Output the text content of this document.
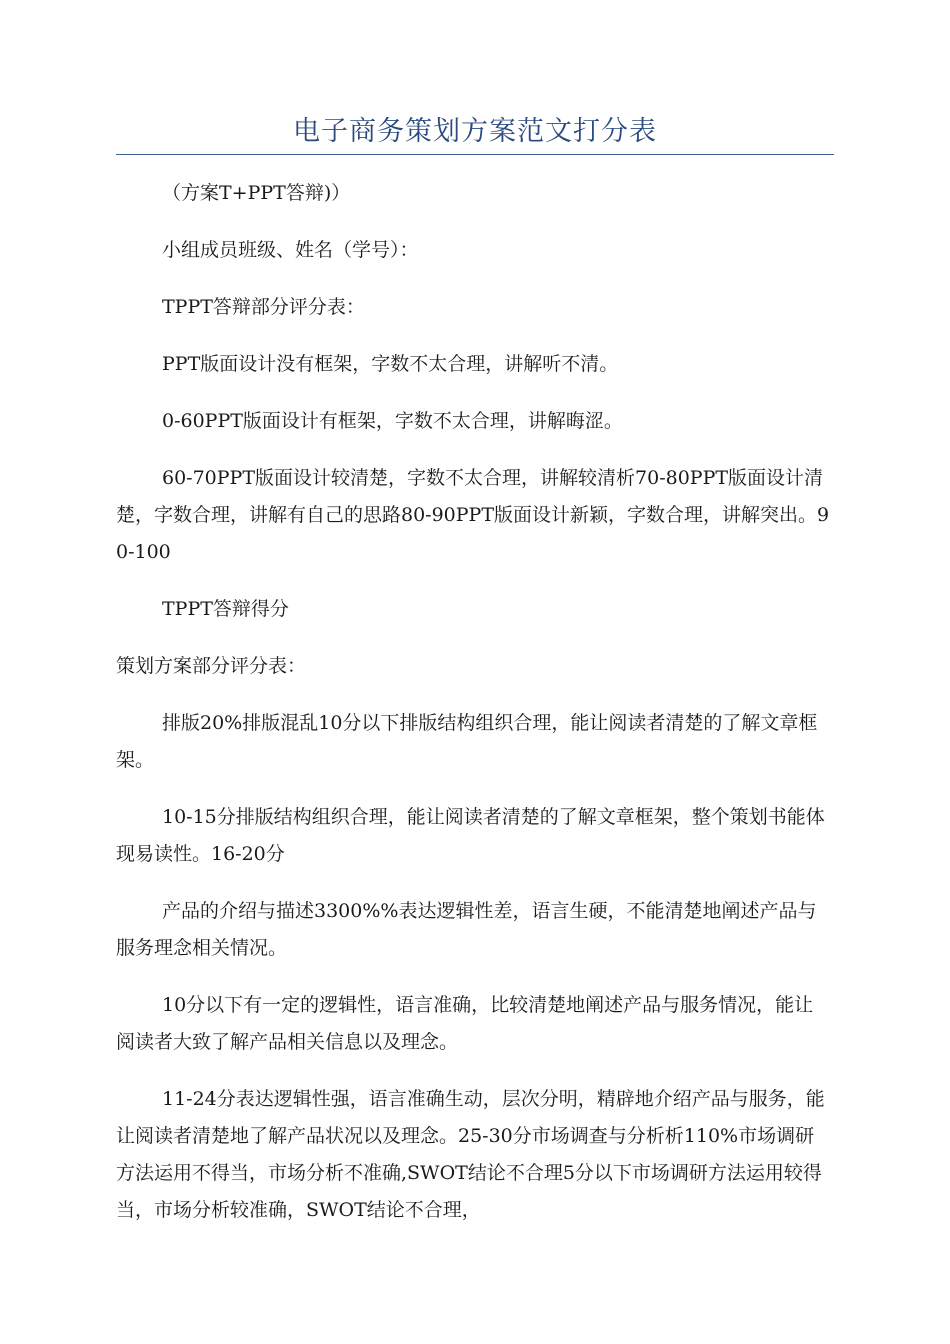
电子商务策划方案范文打分表

（方案T+PPT答辩)）

小组成员班级、姓名（学号）：

TPPT答辩部分评分表：

PPT版面设计没有框架，字数不太合理，讲解听不清。

0-60PPT版面设计有框架，字数不太合理，讲解晦涩。

60-70PPT版面设计较清楚，字数不太合理，讲解较清析70-80PPT版面设计清楚，字数合理，讲解有自己的思路80-90PPT版面设计新颖，字数合理，讲解突出。90-100

TPPT答辩得分

策划方案部分评分表：

排版20%排版混乱10分以下排版结构组织合理，能让阅读者清楚的了解文章框架。

10-15分排版结构组织合理，能让阅读者清楚的了解文章框架，整个策划书能体现易读性。16-20分

产品的介绍与描述3300%%表达逻辑性差，语言生硬，不能清楚地阐述产品与服务理念相关情况。

10分以下有一定的逻辑性，语言准确，比较清楚地阐述产品与服务情况，能让阅读者大致了解产品相关信息以及理念。

11-24分表达逻辑性强，语言准确生动，层次分明，精辟地介绍产品与服务，能让阅读者清楚地了解产品状况以及理念。25-30分市场调查与分析析110%市场调研方法运用不得当，市场分析不准确,SWOT结论不合理5分以下市场调研方法运用较得当，市场分析较准确，SWOT结论不合理，
